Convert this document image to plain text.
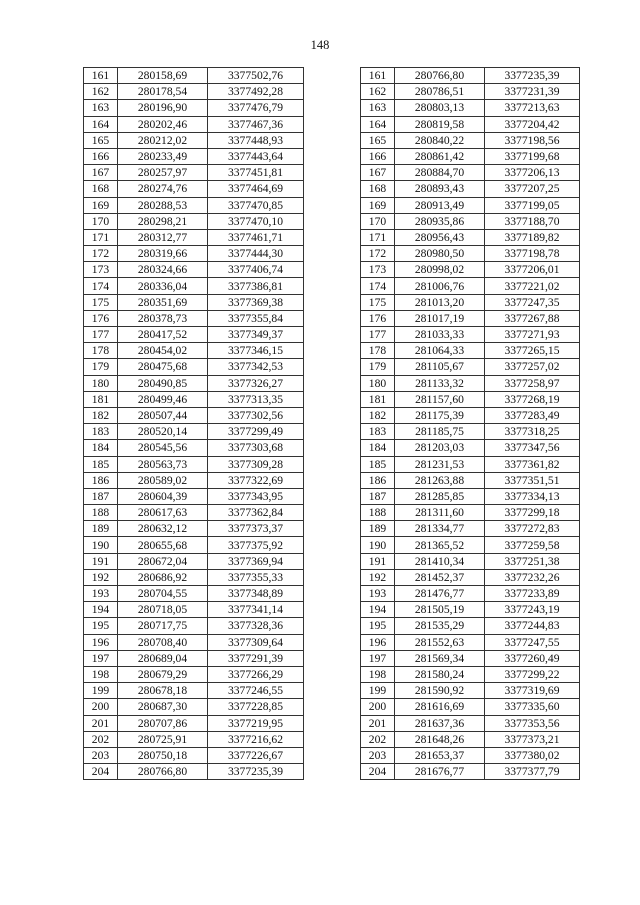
148
161	280158,69	3377502,76
162	280178,54	3377492,28
163	280196,90	3377476,79
164	280202,46	3377467,36
165	280212,02	3377448,93
166	280233,49	3377443,64
167	280257,97	3377451,81
168	280274,76	3377464,69
169	280288,53	3377470,85
170	280298,21	3377470,10
171	280312,77	3377461,71
172	280319,66	3377444,30
173	280324,66	3377406,74
174	280336,04	3377386,81
175	280351,69	3377369,38
176	280378,73	3377355,84
177	280417,52	3377349,37
178	280454,02	3377346,15
179	280475,68	3377342,53
180	280490,85	3377326,27
181	280499,46	3377313,35
182	280507,44	3377302,56
183	280520,14	3377299,49
184	280545,56	3377303,68
185	280563,73	3377309,28
186	280589,02	3377322,69
187	280604,39	3377343,95
188	280617,63	3377362,84
189	280632,12	3377373,37
190	280655,68	3377375,92
191	280672,04	3377369,94
192	280686,92	3377355,33
193	280704,55	3377348,89
194	280718,05	3377341,14
195	280717,75	3377328,36
196	280708,40	3377309,64
197	280689,04	3377291,39
198	280679,29	3377266,29
199	280678,18	3377246,55
200	280687,30	3377228,85
201	280707,86	3377219,95
202	280725,91	3377216,62
203	280750,18	3377226,67
204	280766,80	3377235,39
161	280766,80	3377235,39
162	280786,51	3377231,39
163	280803,13	3377213,63
164	280819,58	3377204,42
165	280840,22	3377198,56
166	280861,42	3377199,68
167	280884,70	3377206,13
168	280893,43	3377207,25
169	280913,49	3377199,05
170	280935,86	3377188,70
171	280956,43	3377189,82
172	280980,50	3377198,78
173	280998,02	3377206,01
174	281006,76	3377221,02
175	281013,20	3377247,35
176	281017,19	3377267,88
177	281033,33	3377271,93
178	281064,33	3377265,15
179	281105,67	3377257,02
180	281133,32	3377258,97
181	281157,60	3377268,19
182	281175,39	3377283,49
183	281185,75	3377318,25
184	281203,03	3377347,56
185	281231,53	3377361,82
186	281263,88	3377351,51
187	281285,85	3377334,13
188	281311,60	3377299,18
189	281334,77	3377272,83
190	281365,52	3377259,58
191	281410,34	3377251,38
192	281452,37	3377232,26
193	281476,77	3377233,89
194	281505,19	3377243,19
195	281535,29	3377244,83
196	281552,63	3377247,55
197	281569,34	3377260,49
198	281580,24	3377299,22
199	281590,92	3377319,69
200	281616,69	3377335,60
201	281637,36	3377353,56
202	281648,26	3377373,21
203	281653,37	3377380,02
204	281676,77	3377377,79
